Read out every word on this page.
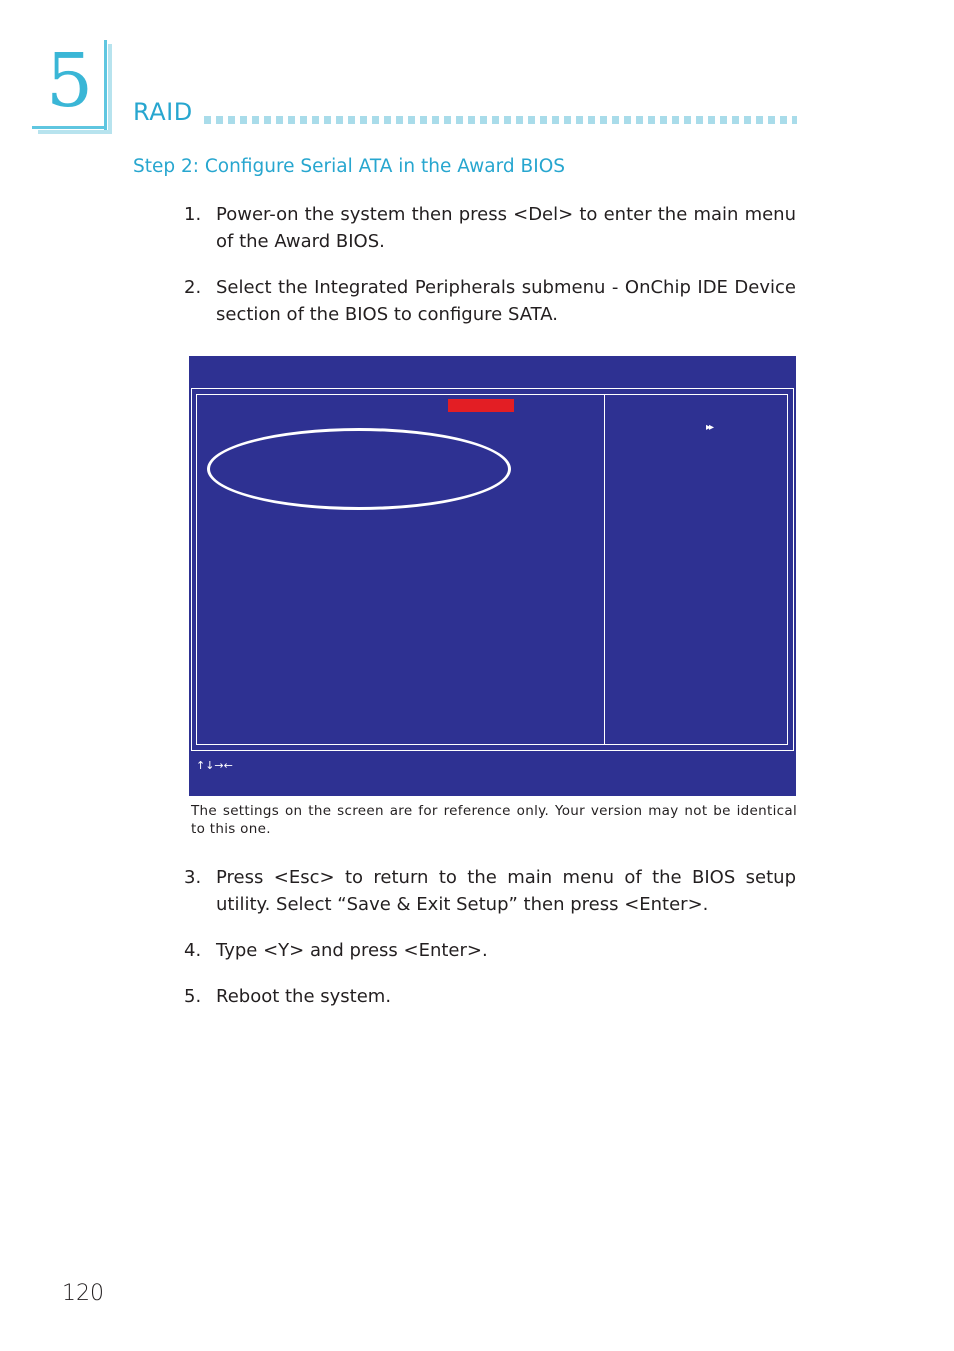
5 RAID
Step 2: Configure Serial ATA in the Award BIOS
1. Power-on the system then press <Del> to enter the main menu of the Award BIOS.
2. Select the Integrated Peripherals submenu - OnChip IDE Device section of the BIOS to configure SATA.
▸▸
↑↓→←
The settings on the screen are for reference only. Your version may not be identical to this one.
3. Press <Esc> to return to the main menu of the BIOS setup utility. Select “Save & Exit Setup” then press <Enter>.
4. Type <Y> and press <Enter>.
5. Reboot the system.
120
